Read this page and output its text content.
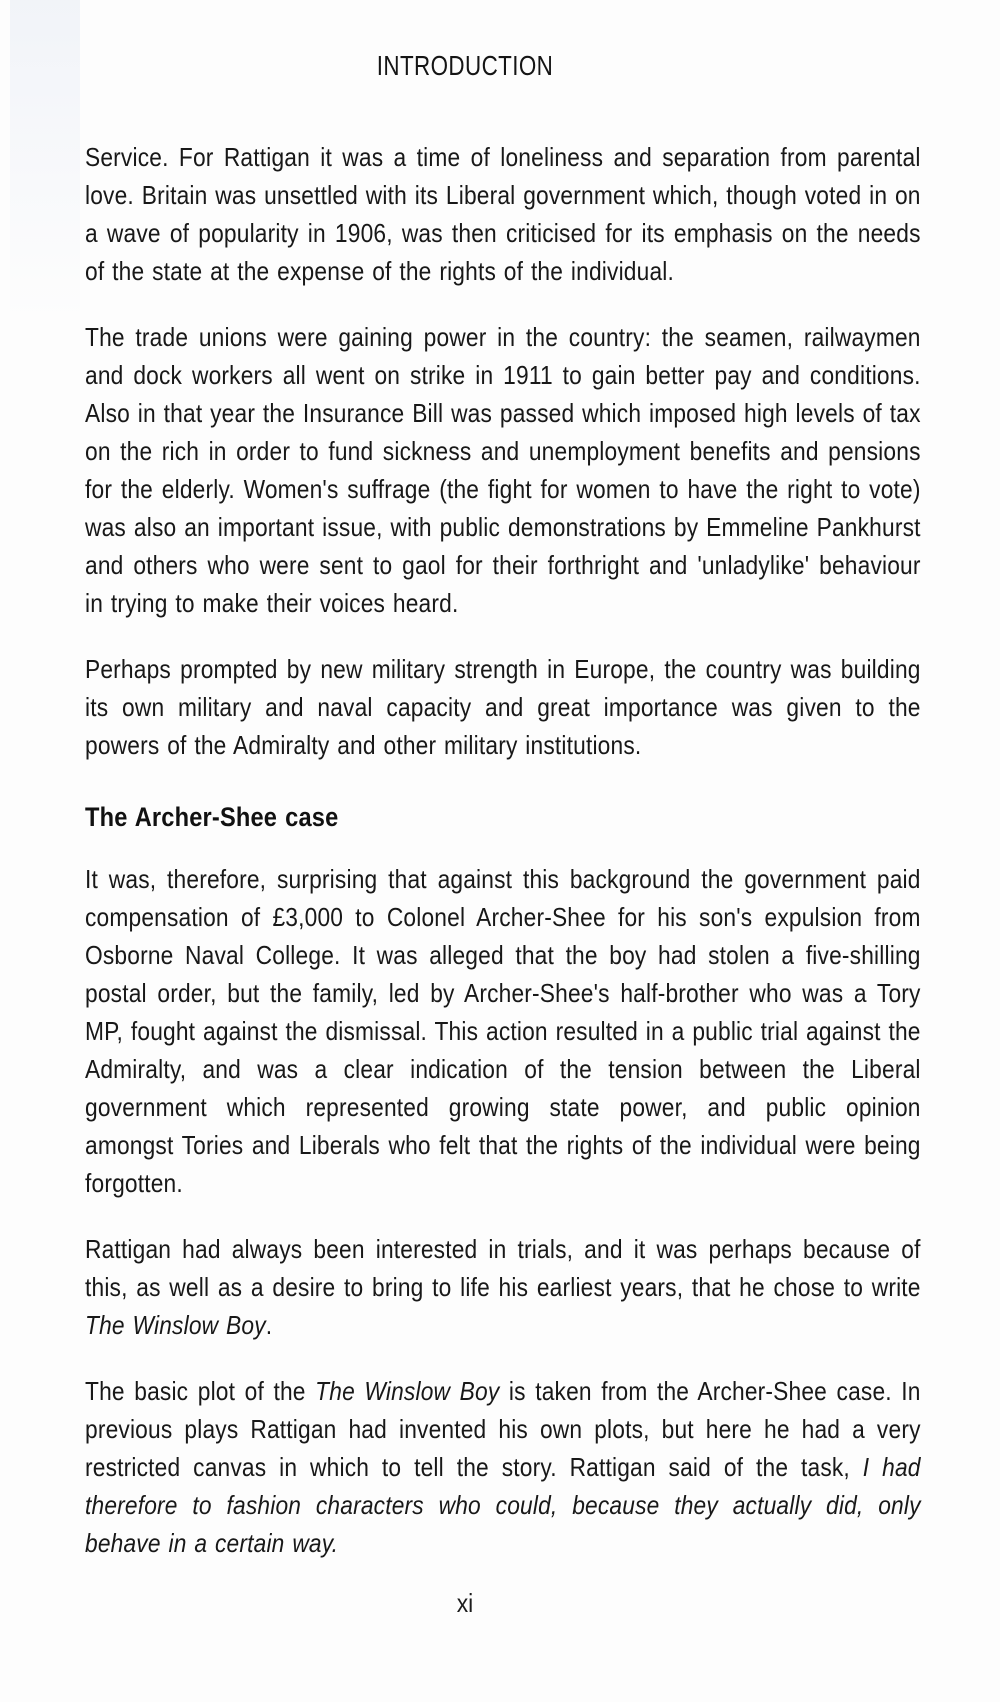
INTRODUCTION

Service. For Rattigan it was a time of loneliness and separation from parental love. Britain was unsettled with its Liberal government which, though voted in on a wave of popularity in 1906, was then criticised for its emphasis on the needs of the state at the expense of the rights of the individual.

The trade unions were gaining power in the country: the seamen, railwaymen and dock workers all went on strike in 1911 to gain better pay and conditions. Also in that year the Insurance Bill was passed which imposed high levels of tax on the rich in order to fund sickness and unemployment benefits and pensions for the elderly. Women's suffrage (the fight for women to have the right to vote) was also an important issue, with public demonstrations by Emmeline Pankhurst and others who were sent to gaol for their forthright and 'unladylike' behaviour in trying to make their voices heard.

Perhaps prompted by new military strength in Europe, the country was building its own military and naval capacity and great importance was given to the powers of the Admiralty and other military institutions.

The Archer-Shee case

It was, therefore, surprising that against this background the government paid compensation of £3,000 to Colonel Archer-Shee for his son's expulsion from Osborne Naval College. It was alleged that the boy had stolen a five-shilling postal order, but the family, led by Archer-Shee's half-brother who was a Tory MP, fought against the dismissal. This action resulted in a public trial against the Admiralty, and was a clear indication of the tension between the Liberal government which represented growing state power, and public opinion amongst Tories and Liberals who felt that the rights of the individual were being forgotten.

Rattigan had always been interested in trials, and it was perhaps because of this, as well as a desire to bring to life his earliest years, that he chose to write The Winslow Boy.

The basic plot of the The Winslow Boy is taken from the Archer-Shee case. In previous plays Rattigan had invented his own plots, but here he had a very restricted canvas in which to tell the story. Rattigan said of the task, I had therefore to fashion characters who could, because they actually did, only behave in a certain way.

xi
